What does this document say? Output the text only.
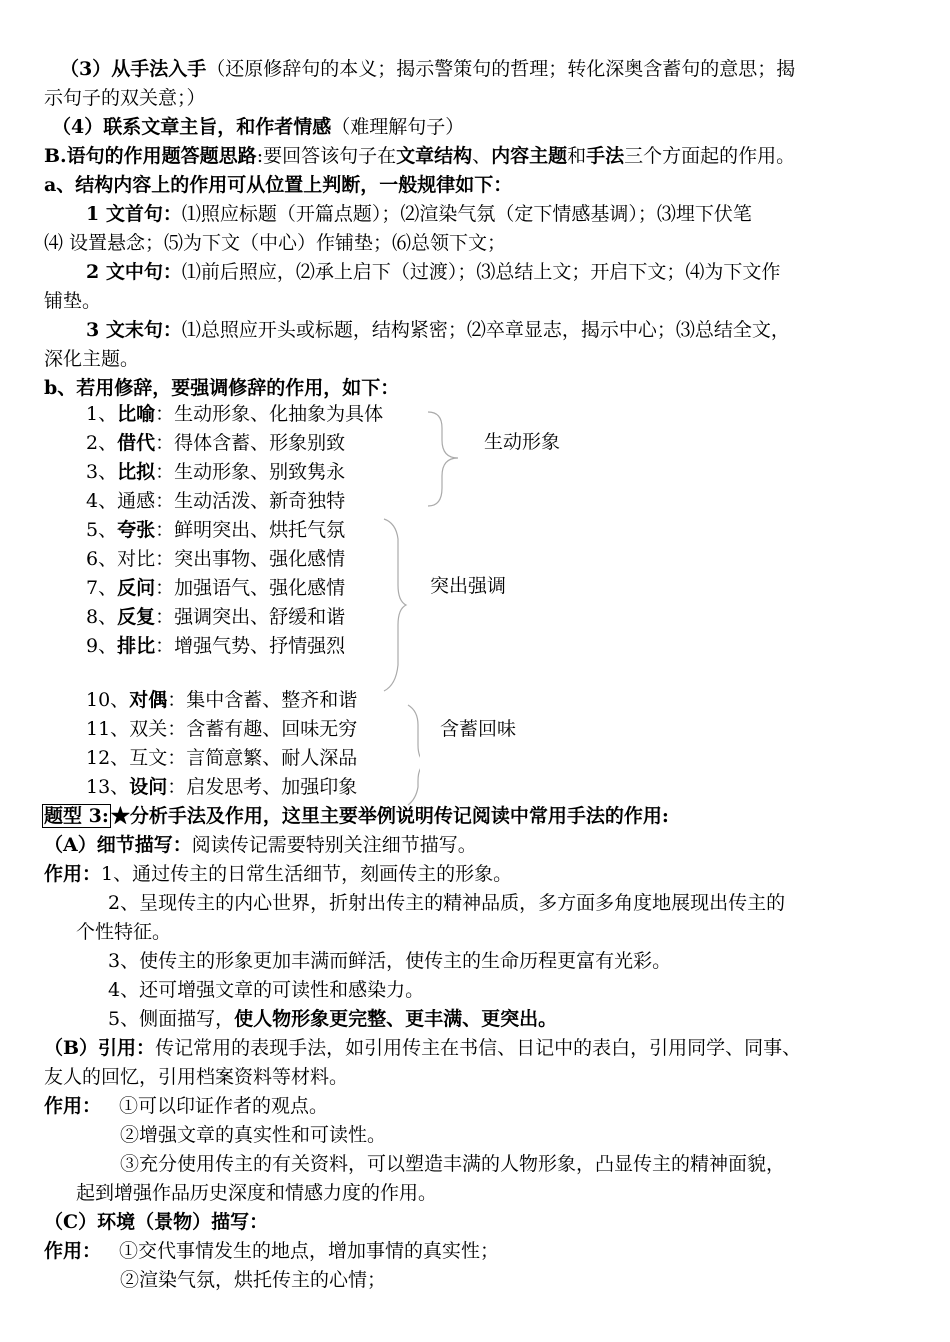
（3）从手法入手（还原修辞句的本义；揭示警策句的哲理；转化深奥含蓄句的意思；揭
示句子的双关意；）
（4）联系文章主旨，和作者情感（难理解句子）
B.语句的作用题答题思路:要回答该句子在文章结构、内容主题和手法三个方面起的作用。
a、结构内容上的作用可从位置上判断，一般规律如下：
1 文首句：⑴照应标题（开篇点题）；⑵渲染气氛（定下情感基调）；⑶埋下伏笔
⑷ 设置悬念；⑸为下文（中心）作铺垫；⑹总领下文；
2 文中句：⑴前后照应，⑵承上启下（过渡）；⑶总结上文；开启下文；⑷为下文作
铺垫。
3 文末句：⑴总照应开头或标题，结构紧密；⑵卒章显志，揭示中心；⑶总结全文，
深化主题。
b、若用修辞，要强调修辞的作用，如下：
1、比喻：生动形象、化抽象为具体
2、借代：得体含蓄、形象别致
3、比拟：生动形象、别致隽永
4、通感：生动活泼、新奇独特
5、夸张：鲜明突出、烘托气氛
6、对比：突出事物、强化感情
7、反问：加强语气、强化感情
8、反复：强调突出、舒缓和谐
9、排比：增强气势、抒情强烈
10、对偶：集中含蓄、整齐和谐
11、双关：含蓄有趣、回味无穷
12、互文：言简意繁、耐人深品
13、设问：启发思考、加强印象
生动形象
突出强调
含蓄回味
题型 3: ★分析手法及作用，这里主要举例说明传记阅读中常用手法的作用:
（A）细节描写：阅读传记需要特别关注细节描写。
作用：1、通过传主的日常生活细节，刻画传主的形象。
2、呈现传主的内心世界，折射出传主的精神品质，多方面多角度地展现出传主的
个性特征。
3、使传主的形象更加丰满而鲜活，使传主的生命历程更富有光彩。
4、还可增强文章的可读性和感染力。
5、侧面描写，使人物形象更完整、更丰满、更突出。
（B）引用：传记常用的表现手法，如引用传主在书信、日记中的表白，引用同学、同事、
友人的回忆，引用档案资料等材料。
作用： ①可以印证作者的观点。
②增强文章的真实性和可读性。
③充分使用传主的有关资料，可以塑造丰满的人物形象，凸显传主的精神面貌，
起到增强作品历史深度和情感力度的作用。
（C）环境（景物）描写：
作用： ①交代事情发生的地点，增加事情的真实性；
②渲染气氛，烘托传主的心情；
